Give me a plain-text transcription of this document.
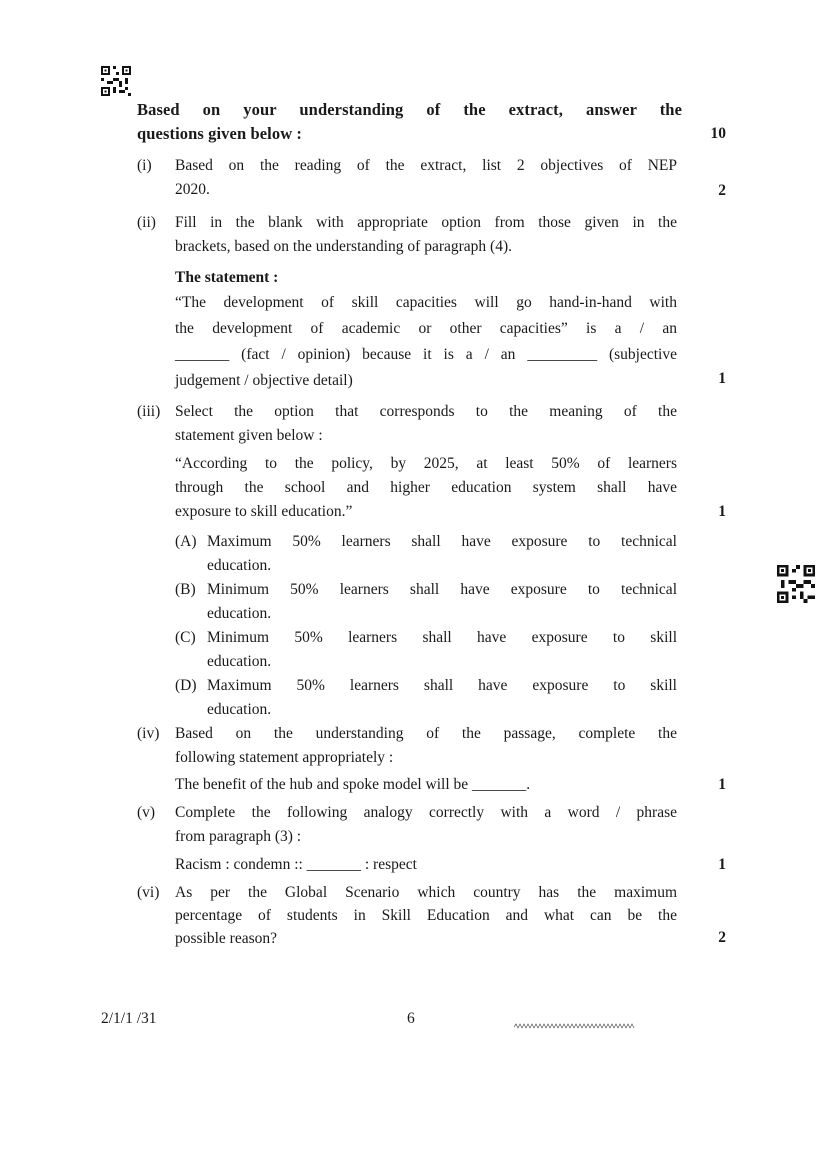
Based on your understanding of the extract, answer the
questions given below :	10
(i)	Based on the reading of the extract, list 2 objectives of NEP
2020.	2
(ii)	Fill in the blank with appropriate option from those given in the
brackets, based on the understanding of paragraph (4).
The statement :
“The development of skill capacities will go hand-in-hand with
the development of academic or other capacities” is a / an
_______ (fact / opinion) because it is a / an _________ (subjective
judgement / objective detail)	1
(iii) Select the option that corresponds to the meaning of the
statement given below :
“According to the policy, by 2025, at least 50% of learners
through the school and higher education system shall have
exposure to skill education.”	1
(A) Maximum 50% learners shall have exposure to technical
education.
(B) Minimum 50% learners shall have exposure to technical
education.
(C) Minimum 50% learners shall have exposure to skill
education.
(D) Maximum 50% learners shall have exposure to skill
education.
(iv)	Based on the understanding of the passage, complete the
following statement appropriately :
The benefit of the hub and spoke model will be _______.	1
(v)	Complete the following analogy correctly with a word / phrase
from paragraph (3) :
Racism : condemn :: _______ : respect	1
(vi)	As per the Global Scenario which country has the maximum
percentage of students in Skill Education and what can be the
possible reason?	2
2/1/1 /31	6
